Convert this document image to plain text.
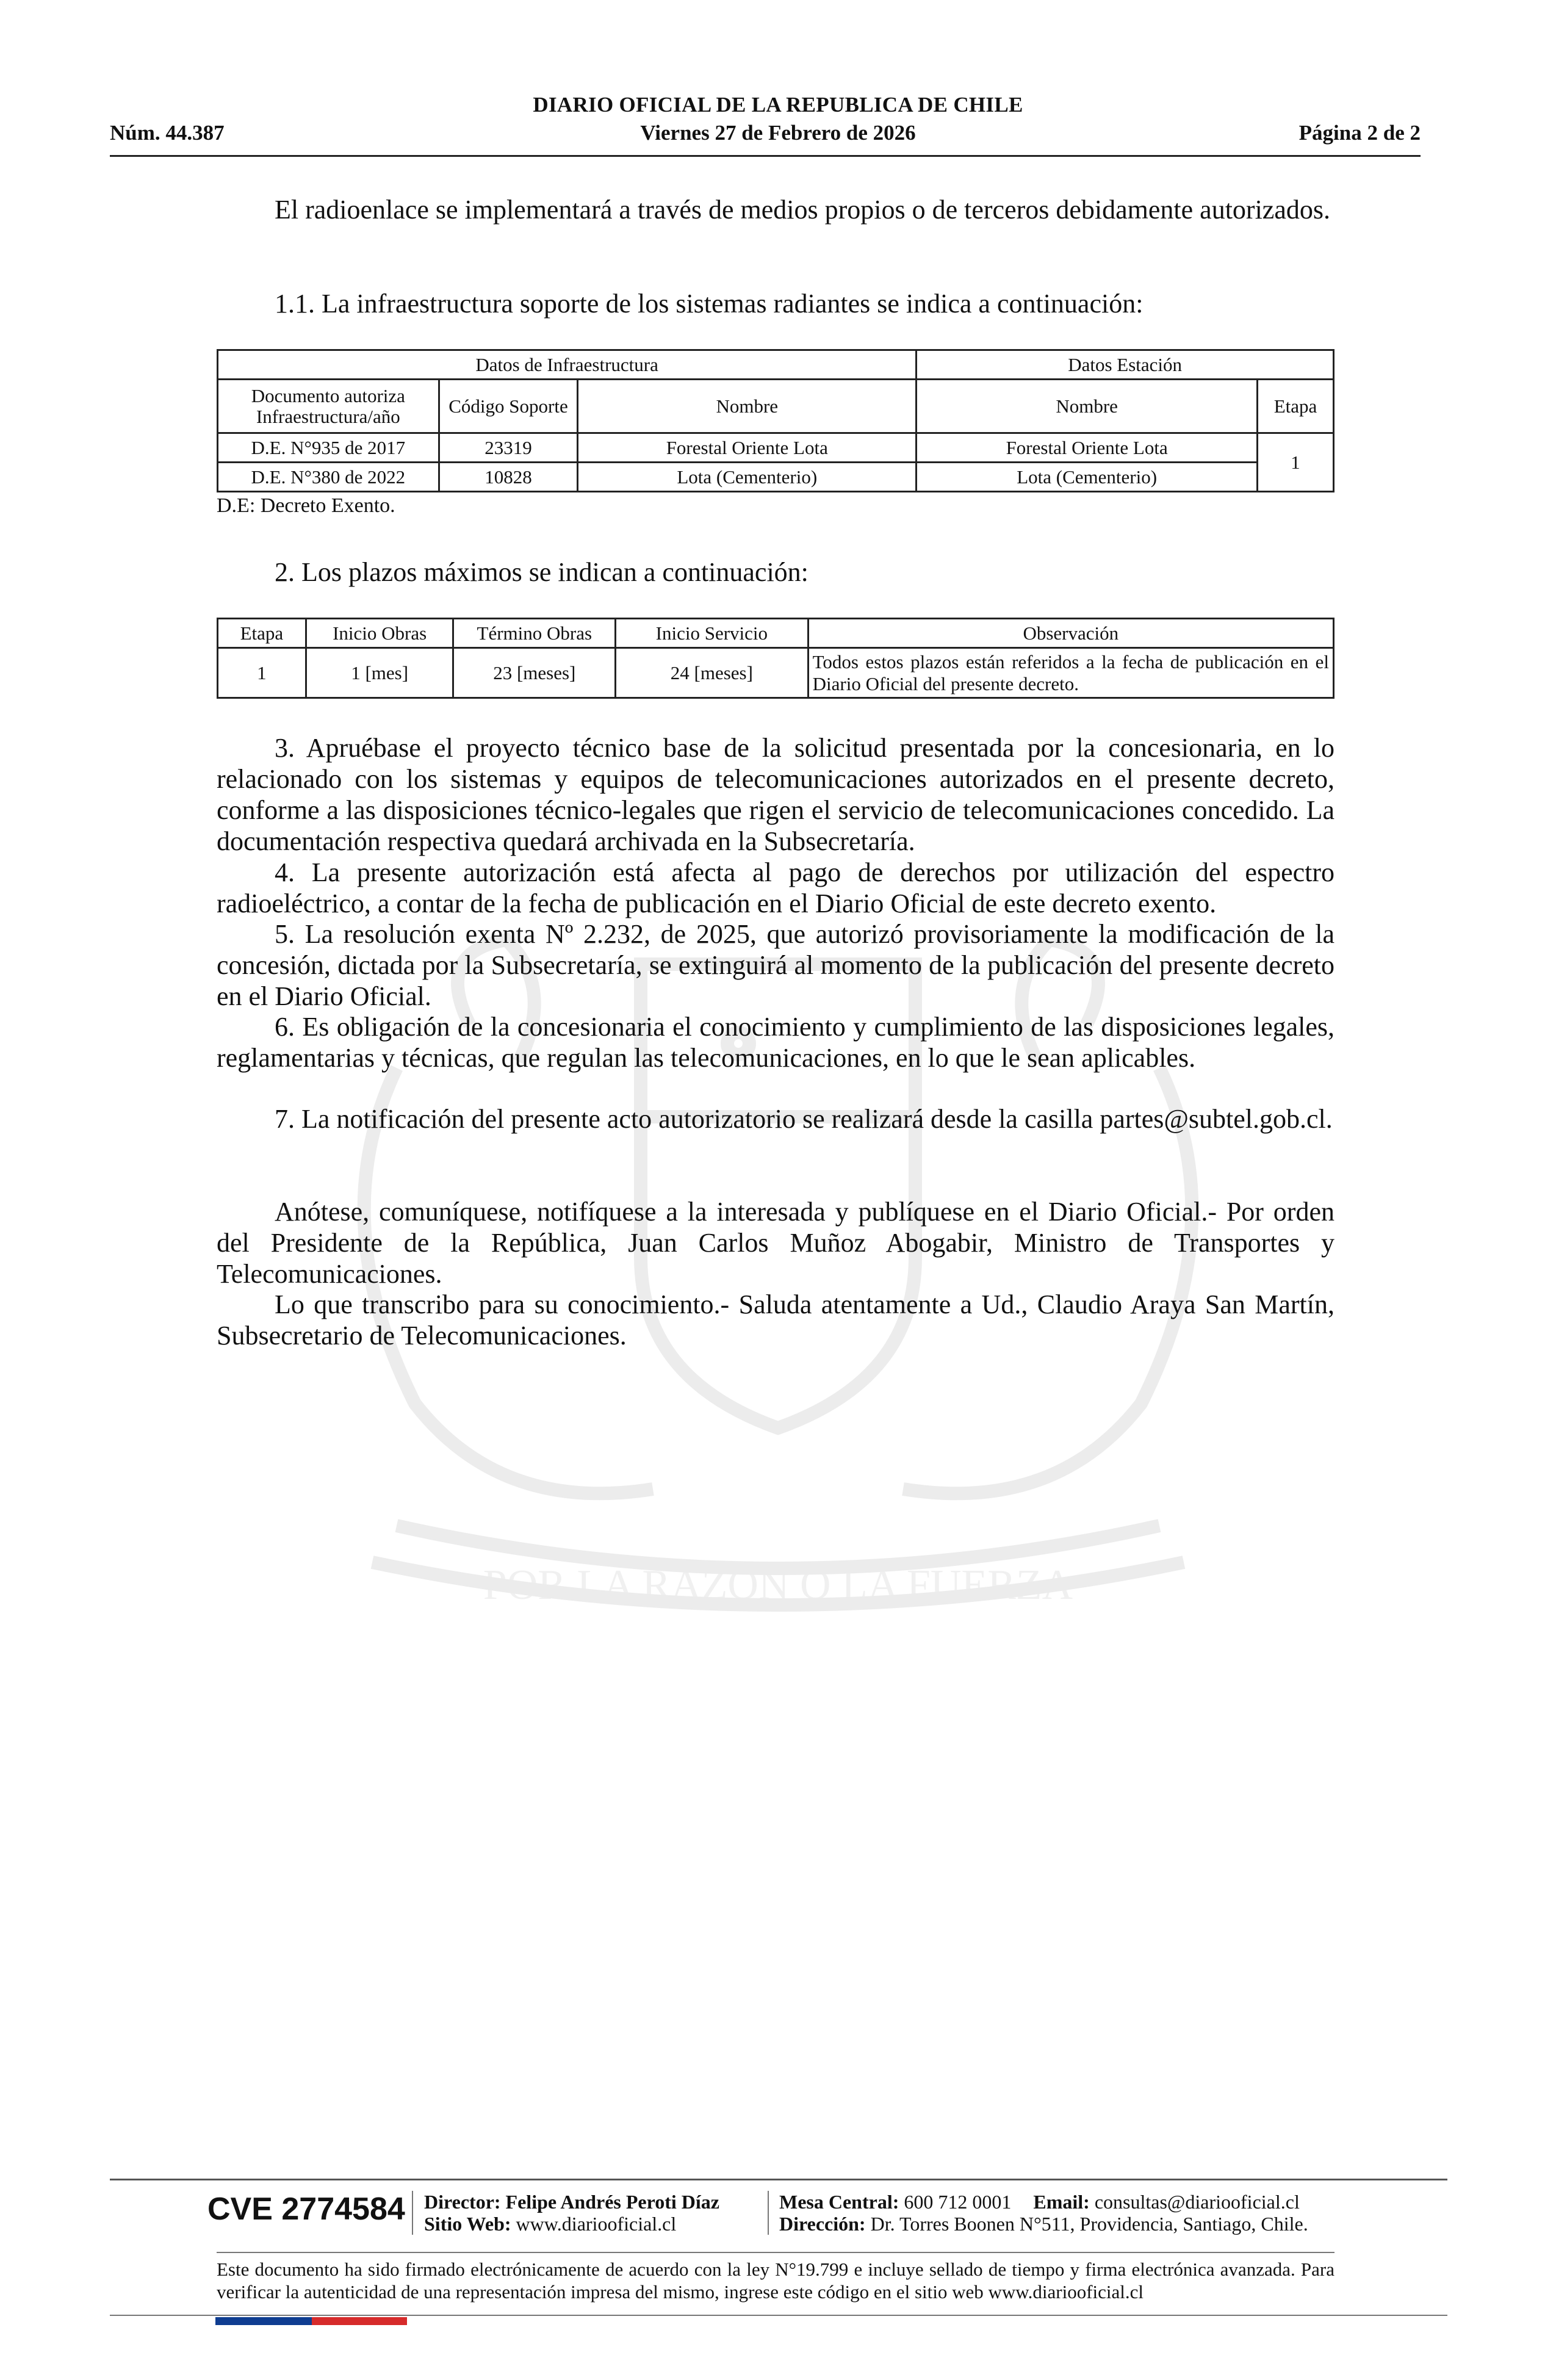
POR LA RAZON O LA FUERZA
DIARIO OFICIAL DE LA REPUBLICA DE CHILE
Núm. 44.387	Viernes 27 de Febrero de 2026	Página 2 de 2

El radioenlace se implementará a través de medios propios o de terceros debidamente autorizados.

1.1. La infraestructura soporte de los sistemas radiantes se indica a continuación:

Datos de Infraestructura			Datos Estación	
Documento autoriza Infraestructura/año	Código Soporte	Nombre	Nombre	Etapa
D.E. N°935 de 2017	23319	Forestal Oriente Lota	Forestal Oriente Lota	1
D.E. N°380 de 2022	10828	Lota (Cementerio)	Lota (Cementerio)	
D.E: Decreto Exento.

2. Los plazos máximos se indican a continuación:

Etapa	Inicio Obras	Término Obras	Inicio Servicio	Observación
1	1 [mes]	23 [meses]	24 [meses]	Todos estos plazos están referidos a la fecha de publicación en el Diario Oficial del presente decreto.

3. Apruébase el proyecto técnico base de la solicitud presentada por la concesionaria, en lo relacionado con los sistemas y equipos de telecomunicaciones autorizados en el presente decreto, conforme a las disposiciones técnico-legales que rigen el servicio de telecomunicaciones concedido. La documentación respectiva quedará archivada en la Subsecretaría.

4. La presente autorización está afecta al pago de derechos por utilización del espectro radioeléctrico, a contar de la fecha de publicación en el Diario Oficial de este decreto exento.

5. La resolución exenta Nº 2.232, de 2025, que autorizó provisoriamente la modificación de la concesión, dictada por la Subsecretaría, se extinguirá al momento de la publicación del presente decreto en el Diario Oficial.

6. Es obligación de la concesionaria el conocimiento y cumplimiento de las disposiciones legales, reglamentarias y técnicas, que regulan las telecomunicaciones, en lo que le sean aplicables.

7. La notificación del presente acto autorizatorio se realizará desde la casilla partes@subtel.gob.cl.

Anótese, comuníquese, notifíquese a la interesada y publíquese en el Diario Oficial.- Por orden del Presidente de la República, Juan Carlos Muñoz Abogabir, Ministro de Transportes y Telecomunicaciones.

Lo que transcribo para su conocimiento.- Saluda atentamente a Ud., Claudio Araya San Martín, Subsecretario de Telecomunicaciones.

CVE 2774584 Director: Felipe Andrés Peroti Díaz
Sitio Web: www.diariooficial.cl
Mesa Central: 600 712 0001 Email: consultas@diariooficial.cl
Dirección: Dr. Torres Boonen N°511, Providencia, Santiago, Chile.
Este documento ha sido firmado electrónicamente de acuerdo con la ley N°19.799 e incluye sellado de tiempo y firma electrónica avanzada. Para verificar la autenticidad de una representación impresa del mismo, ingrese este código en el sitio web www.diariooficial.cl
